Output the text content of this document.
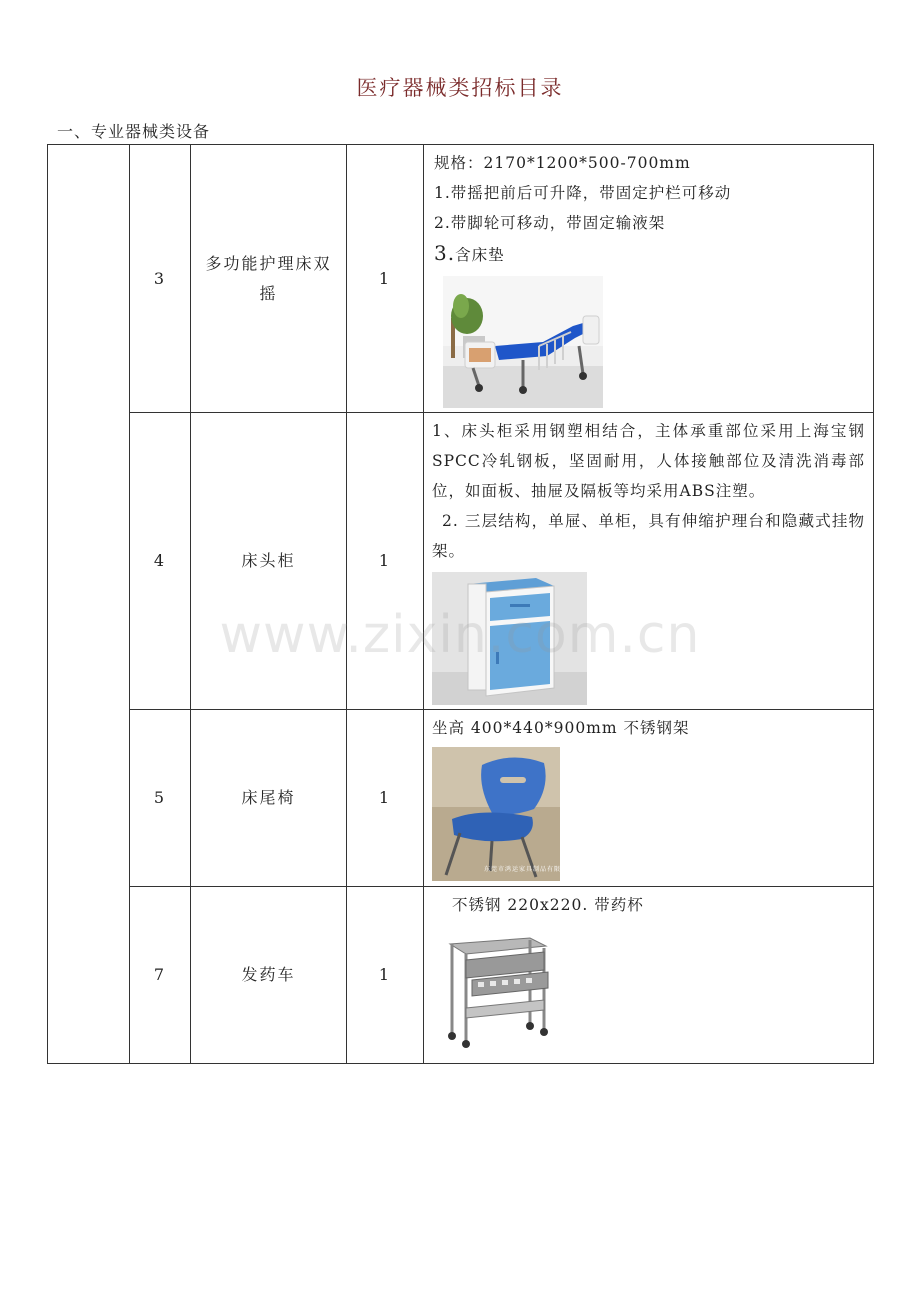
医疗器械类招标目录
一、专业器械类设备
	3	多功能护理床双摇	1	规格：2170*1200*500-700mm

1.带摇把前后可升降，带固定护栏可移动

2.带脚轮可移动，带固定输液架

3.含床垫

	4	床头柜	1	1、床头柜采用钢塑相结合，主体承重部位采用上海宝钢SPCC冷轧钢板，坚固耐用，人体接触部位及清洗消毒部位，如面板、抽屉及隔板等均采用ABS注塑。

2. 三层结构，单屉、单柜，具有伸缩护理台和隐藏式挂物架。

	5	床尾椅	1	坐高 400*440*900mm 不锈钢架

东莞市鸿运家具制品有限公司 0769-8588 1688

	7	发药车	1	不锈钢 220x220. 带药杯

www.zixin.com.cn
